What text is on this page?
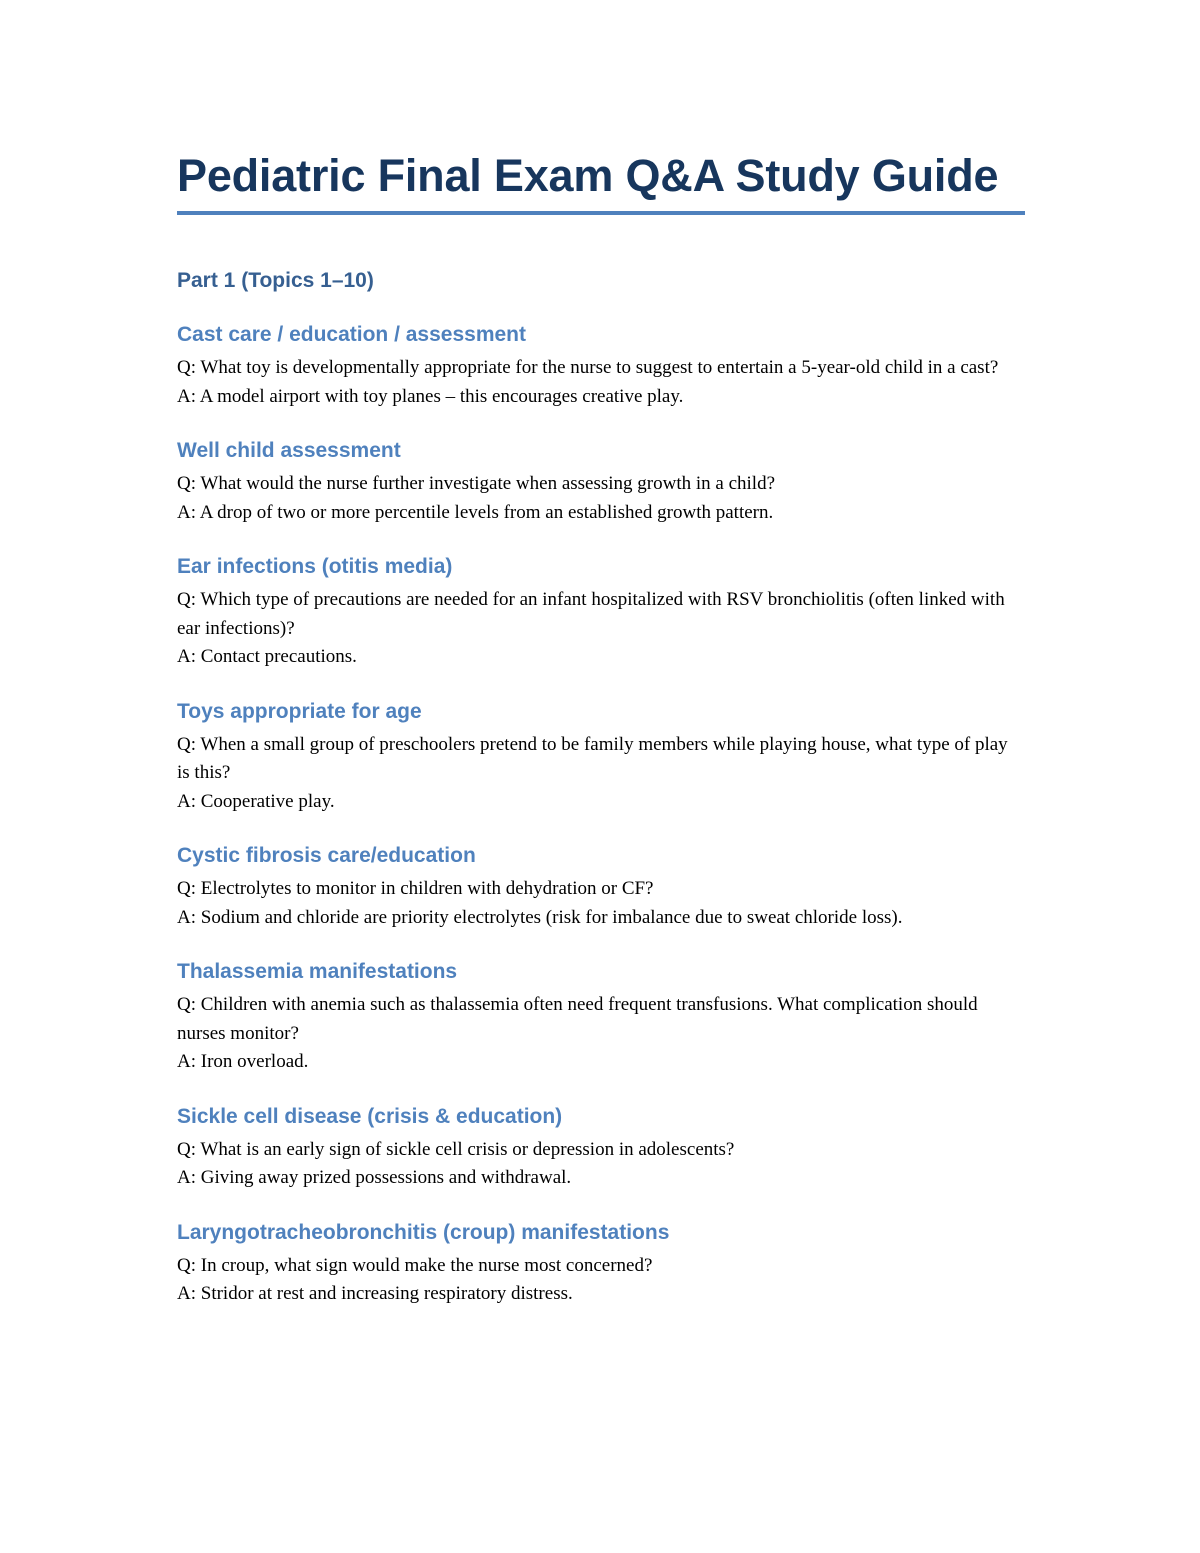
Pediatric Final Exam Q&A Study Guide
Part 1 (Topics 1–10)
Cast care / education / assessment

Q: What toy is developmentally appropriate for the nurse to suggest to entertain a 5-year-old child in a cast?
A: A model airport with toy planes – this encourages creative play.

Well child assessment

Q: What would the nurse further investigate when assessing growth in a child?
A: A drop of two or more percentile levels from an established growth pattern.

Ear infections (otitis media)

Q: Which type of precautions are needed for an infant hospitalized with RSV bronchiolitis (often linked with ear infections)?
A: Contact precautions.

Toys appropriate for age

Q: When a small group of preschoolers pretend to be family members while playing house, what type of play is this?
A: Cooperative play.

Cystic fibrosis care/education

Q: Electrolytes to monitor in children with dehydration or CF?
A: Sodium and chloride are priority electrolytes (risk for imbalance due to sweat chloride loss).

Thalassemia manifestations

Q: Children with anemia such as thalassemia often need frequent transfusions. What complication should nurses monitor?
A: Iron overload.

Sickle cell disease (crisis & education)

Q: What is an early sign of sickle cell crisis or depression in adolescents?
A: Giving away prized possessions and withdrawal.

Laryngotracheobronchitis (croup) manifestations

Q: In croup, what sign would make the nurse most concerned?
A: Stridor at rest and increasing respiratory distress.
